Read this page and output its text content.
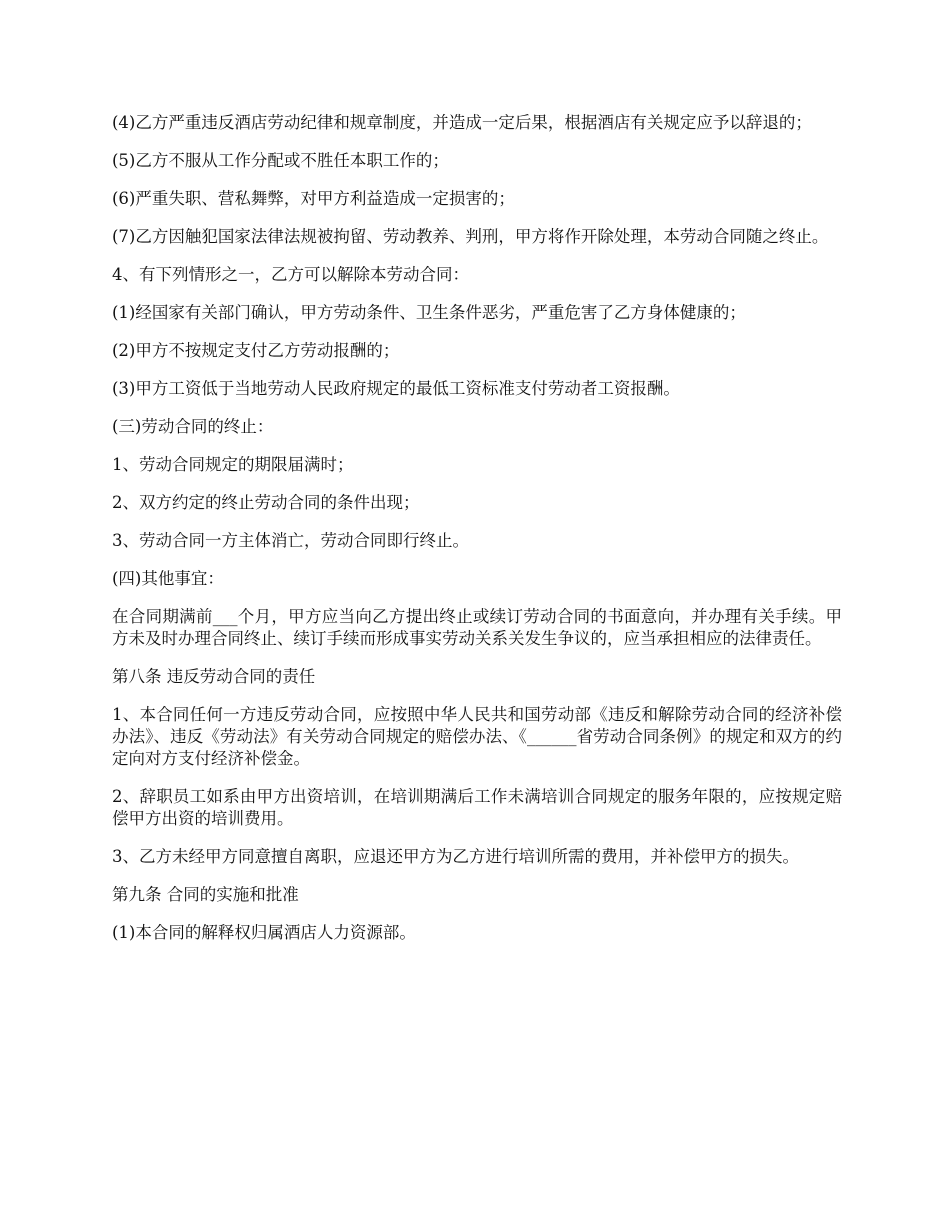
(4)乙方严重违反酒店劳动纪律和规章制度，并造成一定后果，根据酒店有关规定应予以辞退的；

(5)乙方不服从工作分配或不胜任本职工作的；

(6)严重失职、营私舞弊，对甲方利益造成一定损害的；

(7)乙方因触犯国家法律法规被拘留、劳动教养、判刑，甲方将作开除处理，本劳动合同随之终止。

4、有下列情形之一，乙方可以解除本劳动合同：

(1)经国家有关部门确认，甲方劳动条件、卫生条件恶劣，严重危害了乙方身体健康的；

(2)甲方不按规定支付乙方劳动报酬的；

(3)甲方工资低于当地劳动人民政府规定的最低工资标准支付劳动者工资报酬。

(三)劳动合同的终止：

1、劳动合同规定的期限届满时；

2、双方约定的终止劳动合同的条件出现；

3、劳动合同一方主体消亡，劳动合同即行终止。

(四)其他事宜：

在合同期满前___个月，甲方应当向乙方提出终止或续订劳动合同的书面意向，并办理有关手续。甲方未及时办理合同终止、续订手续而形成事实劳动关系关发生争议的，应当承担相应的法律责任。

第八条 违反劳动合同的责任

1、本合同任何一方违反劳动合同，应按照中华人民共和国劳动部《违反和解除劳动合同的经济补偿办法》、违反《劳动法》有关劳动合同规定的赔偿办法、《______省劳动合同条例》的规定和双方的约定向对方支付经济补偿金。

2、辞职员工如系由甲方出资培训，在培训期满后工作未满培训合同规定的服务年限的，应按规定赔偿甲方出资的培训费用。

3、乙方未经甲方同意擅自离职，应退还甲方为乙方进行培训所需的费用，并补偿甲方的损失。

第九条 合同的实施和批准

(1)本合同的解释权归属酒店人力资源部。
